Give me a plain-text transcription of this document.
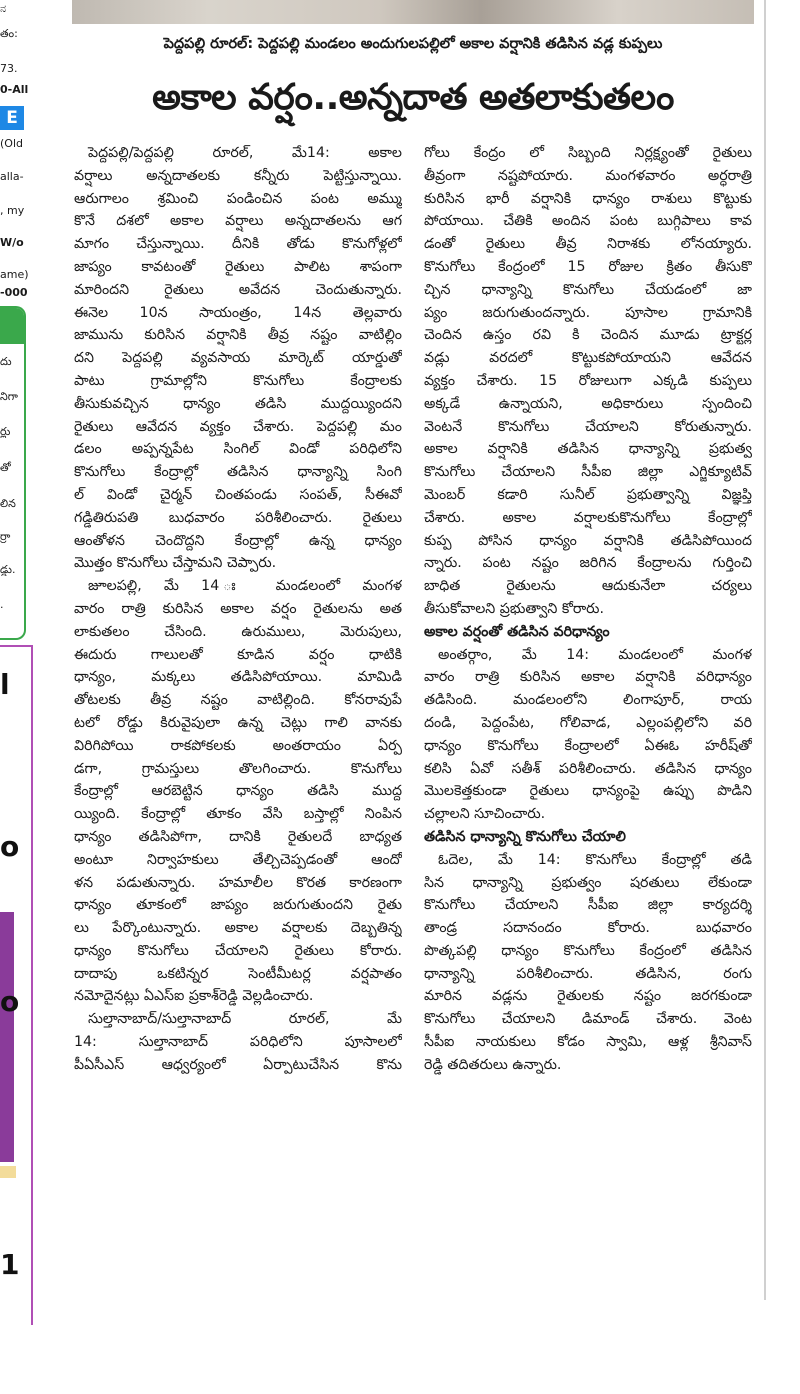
E
ನ
తం:
73.
0-All
(Old
alla-
, my
W/o
ame)
-000
దు
నిగా
ర్లు
తో
లిన
ర్రా
డ్డు.
.
l
o
o
1
పెద్దపల్లి రూరల్: పెద్దపల్లి మండలం అందుగులపల్లిలో అకాల వర్షానికి తడిసిన వడ్ల కుప్పలు
అకాల వర్షం..అన్నదాత అతలాకుతలం
పెద్దపల్లి/పెద్దపల్లి రూరల్, మే14: అకాల
వర్షాలు అన్నదాతలకు కన్నీరు పెట్టిస్తున్నాయి.
ఆరుగాలం శ్రమించి పండించిన పంట అమ్ము
కొనే దశలో అకాల వర్షాలు అన్నదాతలను ఆగ
మాగం చేస్తున్నాయి. దీనికి తోడు కొనుగోళ్లలో
జాప్యం కావటంతో రైతులు పాలిట శాపంగా
మారిందని రైతులు అవేదన చెందుతున్నారు.
ఈనెల 10న సాయంత్రం, 14న తెల్లవారు
జామును కురిసిన వర్షానికి తీవ్ర నష్టం వాటిల్లిం
దని పెద్దపల్లి వ్యవసాయ మార్కెట్ యార్డుతో
పాటు గ్రామాల్లోని కొనుగోలు కేంద్రాలకు
తీసుకువచ్చిన ధాన్యం తడిసి ముద్దయ్యిందని
రైతులు ఆవేదన వ్యక్తం చేశారు. పెద్దపల్లి మం
డలం అప్పన్నపేట సింగిల్ విండో పరిధిలోని
కొనుగోలు కేంద్రాల్లో తడిసిన ధాన్యాన్ని సింగి
ల్ విండో చైర్మన్ చింతపండు సంపత్, సీఈవో
గడ్డితిరుపతి బుధవారం పరిశీలించారు. రైతులు
ఆంతోళన చెందొద్దని కేంద్రాల్లో ఉన్న ధాన్యం
మొత్తం కొనుగోలు చేస్తామని చెప్పారు.
జూలపల్లి, మే 14 ః మండలంలో మంగళ
వారం రాత్రి కురిసిన అకాల వర్షం రైతులను అత
లాకుతలం చేసింది. ఉరుములు, మెరుపులు,
ఈదురు గాలులతో కూడిన వర్షం ధాటికి
ధాన్యం, మక్కలు తడిసిపోయాయి. మామిడి
తోటలకు తీవ్ర నష్టం వాటిల్లింది. కోనరావుపే
టలో రోడ్డు కిరువైపులా ఉన్న చెట్లు గాలి వానకు
విరిగిపోయి రాకపోకలకు అంతరాయం ఏర్ప
డగా, గ్రామస్తులు తొలగించారు. కొనుగోలు
కేంద్రాల్లో ఆరబెట్టిన ధాన్యం తడిసి ముద్ద
య్యింది. కేంద్రాల్లో తూకం వేసి బస్తాల్లో నింపిన
ధాన్యం తడిసిపోగా, దానికి రైతులదే బాధ్యత
అంటూ నిర్వాహకులు తేల్చిచెప్పడంతో ఆందో
ళన పడుతున్నారు. హమాలీల కొరత కారణంగా
ధాన్యం తూకంలో జాప్యం జరుగుతుందని రైతు
లు పేర్కొంటున్నారు. అకాల వర్షాలకు దెబ్బతిన్న
ధాన్యం కొనుగోలు చేయాలని రైతులు కోరారు.
దాదాపు ఒకటిన్నర సెంటీమీటర్ల వర్షపాతం
నమోదైనట్లు ఏఎస్ఐ ప్రకాశ్‌రెడ్డి వెల్లడించారు.
సుల్తానాబాద్/సుల్తానాబాద్ రూరల్, మే
14: సుల్తానాబాద్ పరిధిలోని పూసాలలో
పీఏసీఎస్ ఆధ్వర్యంలో ఏర్పాటుచేసిన కొను
గోలు కేంద్రం లో సిబ్బంది నిర్లక్ష్యంతో రైతులు
తీవ్రంగా నష్టపోయారు. మంగళవారం అర్ధరాత్రి
కురిసిన భారీ వర్షానికి ధాన్యం రాశులు కొట్టుకు
పోయాయి. చేతికి అందిన పంట బుగ్గిపాలు కావ
డంతో రైతులు తీవ్ర నిరాశకు లోనయ్యారు.
కొనుగోలు కేంద్రంలో 15 రోజుల క్రితం తీసుకొ
చ్చిన ధాన్యాన్ని కొనుగోలు చేయడంలో జా
ప్యం జరుగుతుందన్నారు. పూసాల గ్రామానికి
చెందిన ఉస్తం రవి కి చెందిన మూడు ట్రాక్టర్ల
వడ్లు వరదలో కొట్టుకపోయాయని ఆవేదన
వ్యక్తం చేశారు. 15 రోజులుగా ఎక్కడి కుప్పలు
అక్కడే ఉన్నాయని, అధికారులు స్పందించి
వెంటనే కొనుగోలు చేయాలని కోరుతున్నారు.
అకాల వర్షానికి తడిసిన ధాన్యాన్ని ప్రభుత్వ
కొనుగోలు చేయాలని సీపీఐ జిల్లా ఎగ్జిక్యూటివ్
మెంబర్ కడారి సునీల్ ప్రభుత్వాన్ని విజ్ఞప్తి
చేశారు. అకాల వర్షాలకుకొనుగోలు కేంద్రాల్లో
కుప్ప పోసిన ధాన్యం వర్షానికి తడిసిపోయింద
న్నారు. పంట నష్టం జరిగిన కేంద్రాలను గుర్తించి
బాధిత రైతులను ఆదుకునేలా చర్యలు
తీసుకోవాలని ప్రభుత్వాని కోరారు.
అకాల వర్షంతో తడిసిన వరిధాన్యం
అంతర్గాం, మే 14: మండలంలో మంగళ
వారం రాత్రి కురిసిన అకాల వర్షానికి వరిధాన్యం
తడిసింది. మండలంలోని లింగాపూర్, రాయ
దండి, పెద్దంపేట, గోలివాడ, ఎల్లంపల్లిలోని వరి
ధాన్యం కొనుగోలు కేంద్రాలలో ఏఈఓ హరీష్‌తో
కలిసి ఏవో సతీశ్ పరిశీలించారు. తడిసిన ధాన్యం
మొలకెత్తకుండా రైతులు ధాన్యంపై ఉప్పు పొడిని
చల్లాలని సూచించారు.
తడిసిన ధాన్యాన్ని కొనుగోలు చేయాలి
ఓదెల, మే 14: కొనుగోలు కేంద్రాల్లో తడి
సిన ధాన్యాన్ని ప్రభుత్వం షరతులు లేకుండా
కొనుగోలు చేయాలని సీపీఐ జిల్లా కార్యదర్శి
తాండ్ర సదానందం కోరారు. బుధవారం
పొత్కపల్లి ధాన్యం కొనుగోలు కేంద్రంలో తడిసిన
ధాన్యాన్ని పరిశీలించారు. తడిసిన, రంగు
మారిన వడ్లను రైతులకు నష్టం జరగకుండా
కొనుగోలు చేయాలని డిమాండ్ చేశారు. వెంట
సీపీఐ నాయకులు కోడం స్వామి, ఆళ్ల శ్రీనివాస్
రెడ్డి తదితరులు ఉన్నారు.
